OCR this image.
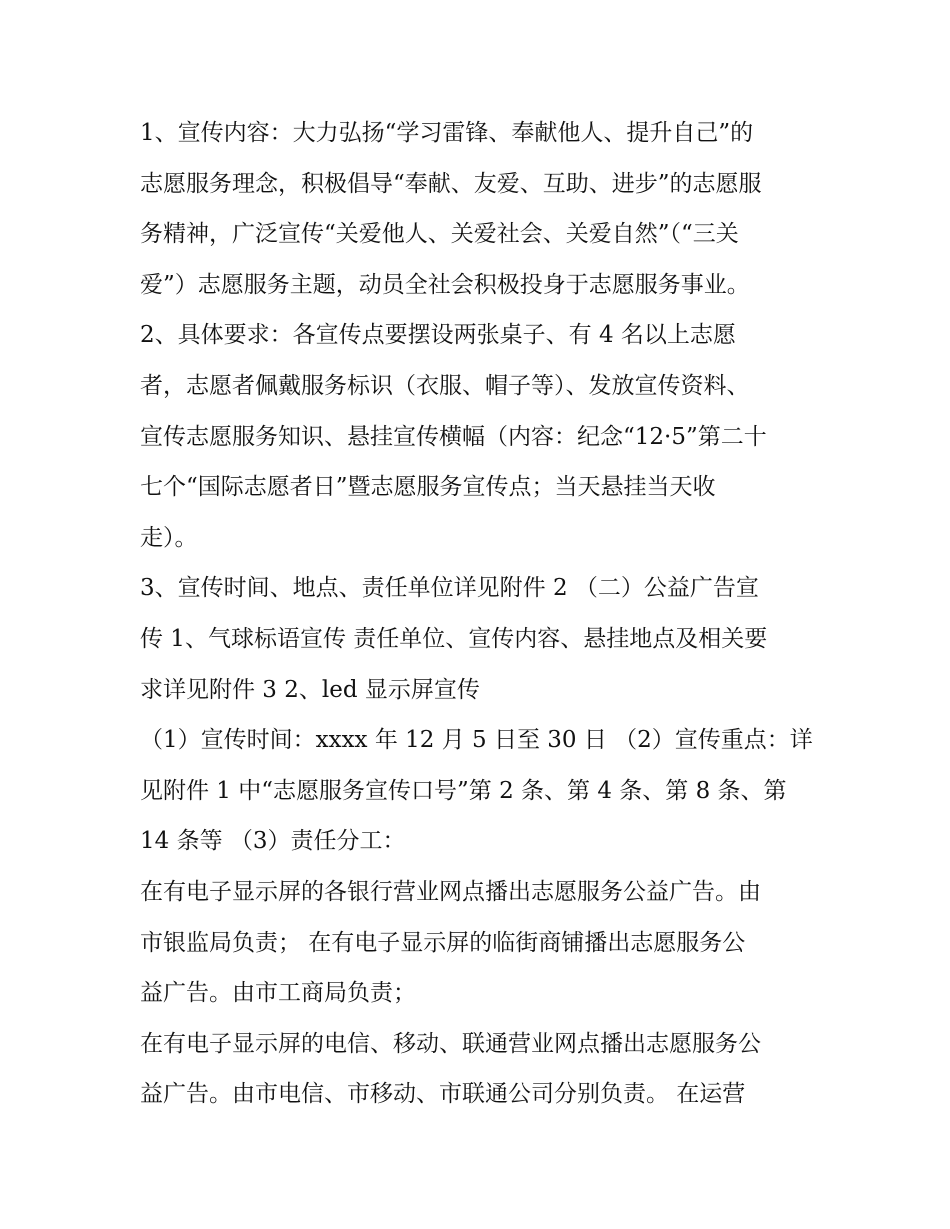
1、宣传内容：大力弘扬“学习雷锋、奉献他人、提升自己”的

志愿服务理念，积极倡导“奉献、友爱、互助、进步”的志愿服

务精神，广泛宣传“关爱他人、关爱社会、关爱自然”（“三关

爱”）志愿服务主题，动员全社会积极投身于志愿服务事业。

2、具体要求：各宣传点要摆设两张桌子、有 4 名以上志愿

者，志愿者佩戴服务标识（衣服、帽子等）、发放宣传资料、

宣传志愿服务知识、悬挂宣传横幅（内容：纪念“12·5”第二十

七个“国际志愿者日”暨志愿服务宣传点；当天悬挂当天收

走）。

3、宣传时间、地点、责任单位详见附件 2 （二）公益广告宣

传 1、气球标语宣传 责任单位、宣传内容、悬挂地点及相关要

求详见附件 3 2、led 显示屏宣传

（1）宣传时间：xxxx 年 12 月 5 日至 30 日 （2）宣传重点：详

见附件 1 中“志愿服务宣传口号”第 2 条、第 4 条、第 8 条、第

14 条等 （3）责任分工：

在有电子显示屏的各银行营业网点播出志愿服务公益广告。由

市银监局负责； 在有电子显示屏的临街商铺播出志愿服务公

益广告。由市工商局负责；

在有电子显示屏的电信、移动、联通营业网点播出志愿服务公

益广告。由市电信、市移动、市联通公司分别负责。 在运营
